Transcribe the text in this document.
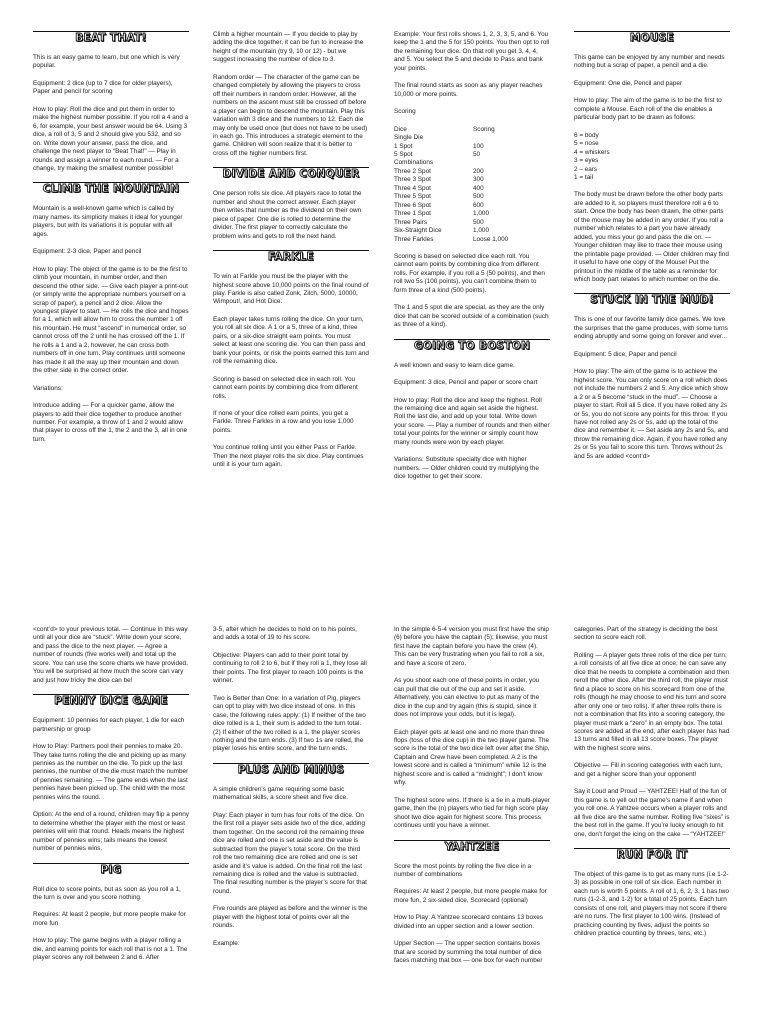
BEAT THAT!
This is an easy game to learn, but one which is very popular.
Equipment: 2 dice (up to 7 dice for older players), Paper and pencil for scoring
How to play: Roll the dice and put them in order to make the highest number possible. If you roll a 4 and a 6, for example, your best answer would be 64. Using 3 dice, a roll of 3, 5 and 2 should give you 532, and so on. Write down your answer, pass the dice, and challenge the next player to “Beat That!” — Play in rounds and assign a winner to each round. — For a change, try making the smallest number possible!
CLIMB THE MOUNTAIN
Mountain is a well-known game which is called by many names. Its simplicity makes it ideal for younger players, but with its variations it is popular with all ages.
Equipment: 2-3 dice, Paper and pencil
How to play: The object of the game is to be the first to climb your mountain, in number order, and then descend the other side. — Give each player a print-out (or simply write the appropriate numbers yourself on a scrap of paper), a pencil and 2 dice. Allow the youngest player to start. — He rolls the dice and hopes for a 1, which will allow him to cross the number 1 off his mountain. He must “ascend” in numerical order, so cannot cross off the 2 until he has crossed off the 1. If he rolls a 1 and a 2, however, he can cross both numbers off in one turn. Play continues until someone has made it all the way up their mountain and down the other side in the correct order.
Variations:
Introduce adding — For a quicker game, allow the players to add their dice together to produce another number. For example, a throw of 1 and 2 would allow that player to cross off the 1, the 2 and the 3, all in one turn.
Climb a higher mountain — If you decide to play by adding the dice together, it can be fun to increase the height of the mountain (try 9, 10 or 12) - but we suggest increasing the number of dice to 3.
Random order — The character of the game can be changed completely by allowing the players to cross off their numbers in random order. However, all the numbers on the ascent must still be crossed off before a player can begin to descend the mountain. Play this variation with 3 dice and the numbers to 12. Each die may only be used once (but does not have to be used) in each go. This introduces a strategic element to the game. Children will soon realize that it is better to cross off the higher numbers first.
DIVIDE AND CONQUER
One person rolls six dice. All players race to total the number and shout the correct answer. Each player then writes that number as the dividend on their own piece of paper. One die is rolled to determine the divider. The first player to correctly calculate the problem wins and gets to roll the next hand.
FARKLE
To win at Farkle you must be the player with the highest score above 10,000 points on the final round of play. Farkle is also called Zonk, Zilch, 5000, 10000, Wimpout!, and Hot Dice.
Each player takes turns rolling the dice. On your turn, you roll all six dice. A 1 or a 5, three of a kind, three pairs, or a six-dice straight earn points. You must select at least one scoring die. You can then pass and bank your points, or risk the points earned this turn and roll the remaining dice.
Scoring is based on selected dice in each roll. You cannot earn points by combining dice from different rolls.
If none of your dice rolled earn points, you get a Farkle. Three Farkles in a row and you lose 1,000 points.
You continue rolling until you either Pass or Farkle. Then the next player rolls the six dice. Play continues until it is your turn again.
Example: Your first rolls shows 1, 2, 3, 3, 5, and 6. You keep the 1 and the 5 for 150 points. You then opt to roll the remaining four dice. On that roll you get 3, 4, 4, and 5. You select the 5 and decide to Pass and bank your points.
The final round starts as soon as any player reaches 10,000 or more points.
Scoring
Dice	Scoring
Single Die
1 Spot	100
5 Spot	50
Combinations
Three 2 Spot	200
Three 3 Spot	300
Three 4 Spot	400
Three 5 Spot	500
Three 6 Spot	600
Three 1 Spot	1,000
Three Pairs	500
Six-Straight Dice	1,000
Three Farkles	Loose 1,000
Scoring is based on selected dice each roll. You cannot earn points by combining dice from different rolls. For example, if you roll a 5 (50 points), and then roll two 5s (100 points), you can’t combine them to form three of a kind (500 points).
The 1 and 5 spot die are special, as they are the only dice that can be scored outside of a combination (such as three of a kind).
GOING TO BOSTON
A well known and easy to learn dice game.
Equipment: 3 dice, Pencil and paper or score chart
How to play: Roll the dice and keep the highest. Roll the remaining dice and again set aside the highest. Roll the last die, and add up your total. Write down your score. — Play a number of rounds and then either total your points for the winner or simply count how many rounds were won by each player.
Variations: Substitute specialty dice with higher numbers. — Older children could try multiplying the dice together to get their score.
MOUSE
This game can be enjoyed by any number and needs nothing but a scrap of paper, a pencil and a die.
Equipment: One die, Pencil and paper
How to play: The aim of the game is to be the first to complete a Mouse. Each roll of the die enables a particular body part to be drawn as follows:
6 = body
5 = nose
4 = whiskers
3 = eyes
2 – ears
1 = tail
The body must be drawn before the other body parts are added to it, so players must therefore roll a 6 to start. Once the body has been drawn, the other parts of the mouse may be added in any order. If you roll a number which relates to a part you have already added, you miss your go and pass the die on. — Younger children may like to trace their mouse using the printable page provided. — Older children may find it useful to have one copy of the Mouse! Put the printout in the middle of the table as a reminder for which body part relates to which number on the die.
STUCK IN THE MUD!
This is one of our favorite family dice games. We love the surprises that the game produces, with some turns ending abruptly and some going on forever and ever...
Equipment: 5 dice, Paper and pencil
How to play: The aim of the game is to achieve the highest score. You can only score on a roll which does not include the numbers 2 and 5. Any dice which show a 2 or a 5 become “stuck in the mud”. — Choose a player to start. Roll all 5 dice. If you have rolled any 2s or 5s, you do not score any points for this throw. If you have not rolled any 2s or 5s, add up the total of the dice and remember it. — Set aside any 2s and 5s, and throw the remaining dice. Again, if you have rolled any 2s or 5s you fail to score this turn. Throws without 2s and 5s are added <cont’d>
<cont’d> to your previous total. — Continue in this way until all your dice are “stuck”. Write down your score, and pass the dice to the next player. — Agree a number of rounds (five works well) and total up the score. You can use the score charts we have provided. You will be surprised at how much the score can vary and just how tricky the dice can be!
PENNY DICE GAME
Equipment: 10 pennies for each player, 1 die for each partnership or group
How to Play: Partners pool their pennies to make 20. They take turns rolling the die and picking up as many pennies as the number on the die. To pick up the last pennies, the number of the die must match the number of pennies remaining. — The game ends when the last pennies have been picked up. The child with the most pennies wins the round.
Option: At the end of a round, children may flip a penny to determine whether the player with the most or least pennies will win that round. Heads means the highest number of pennies wins; tails means the lowest number of pennies wins.
PIG
Roll dice to score points, but as soon as you roll a 1, the turn is over and you score nothing.
Requires: At least 2 people, but more people make for more fun
How to play: The game begins with a player rolling a die, and earning points for each roll that is not a 1. The player scores any roll between 2 and 6. After
3-5, after which he decides to hold on to his points, and adds a total of 19 to his score.
Objective: Players can add to their point total by continuing to roll 2 to 6, but if they roll a 1, they lose all their points. The first player to reach 100 points is the winner.
Two is Better than One: In a variation of Pig, players can opt to play with two dice instead of one. In this case, the following rules apply: (1) If neither of the two dice rolled is a 1, their sum is added to the turn total. (2) If either of the two rolled is a 1, the player scores nothing and the turn ends. (3) If two 1s are rolled, the player loses his entire score, and the turn ends.
PLUS AND MINUS
A simple children’s game requiring some basic mathematical skills, a score sheet and five dice.
Play: Each player in turn has four rolls of the dice. On the first roll a player sets aside two of the dice, adding them together. On the second roll the remaining three dice are rolled and one is set aside and the value is subtracted from the player’s total score. On the third roll the two remaining dice are rolled and one is set aside and it’s value is added. On the final roll the last remaining dice is rolled and the value is subtracted. The final resulting number is the player’s score for that round.
Five rounds are played as before and the winner is the player with the highest total of points over all the rounds.
Example:
In the simple 6-5-4 version you must first have the ship (6) before you have the captain (5); likewise, you must first have the captain before you have the crew (4). This can be very frustrating when you fail to roll a six, and have a score of zero.
As you shoot each one of these points in order, you can pull that die out of the cup and set it aside. Alternatively, you can elective to put as many of the dice in the cup and try again (this is stupid, since it does not improve your odds, but it is legal).
Each player gets at least one and no more than three flops (toss of the dice cup) in the two player game. The score is the total of the two dice left over after the Ship, Captain and Crew have been completed. A 2 is the lowest score and is called a “minimum” while 12 is the highest score and is called a “midnight”; I don’t know why.
The highest score wins. If there is a tie in a multi-player game, then the (n) players who tied for high score play shoot two dice again for highest score. This process continues until you have a winner.
YAHTZEE
Score the most points by rolling the five dice in a number of combinations
Requires: At least 2 people, but more people make for more fun, 2 six-sided dice, Scorecard (optional)
How to Play: A Yahtzee scorecard contains 13 boxes divided into an upper section and a lower section.
Upper Section — The upper section contains boxes that are scored by summing the total number of dice faces matching that box — one box for each number
categories. Part of the strategy is deciding the best section to score each roll.
Rolling — A player gets three rolls of the dice per turn; a roll consists of all five dice at once; he can save any dice that he needs to complete a combination and then reroll the other dice. After the third roll, the player must find a place to score on his scorecard from one of the rolls (though he may choose to end his turn and score after only one or two rolls). If after three rolls there is not a combination that fits into a scoring category, the player must mark a “zero” in an empty box. The total scores are added at the end, after each player has had 13 turns and filled in all 13 score boxes. The player with the highest score wins.
Objective — Fill in scoring categories with each turn, and get a higher score than your opponent!
Say it Loud and Proud — YAHTZEE! Half of the fun of this game is to yell out the game’s name if and when you roll one. A Yahtzee occurs when a player rolls and all five dice are the same number. Rolling five “sixes” is the best roll in the game. If you’re lucky enough to hit one, don’t forget the icing on the cake — “YAHTZEE!”
RUN FOR IT
The object of this game is to get as many runs (i.e 1-2-3) as possible in one roll of six dice. Each number in each run is worth 5 points. A roll of 1, 6, 2, 3, 1 has two runs (1-2-3, and 1-2) for a total of 25 points. Each turn consists of one roll, and players may not score if there are no runs. The first player to 100 wins. (Instead of practicing counting by fives, adjust the points so children practice counting by threes, tens, etc.)
